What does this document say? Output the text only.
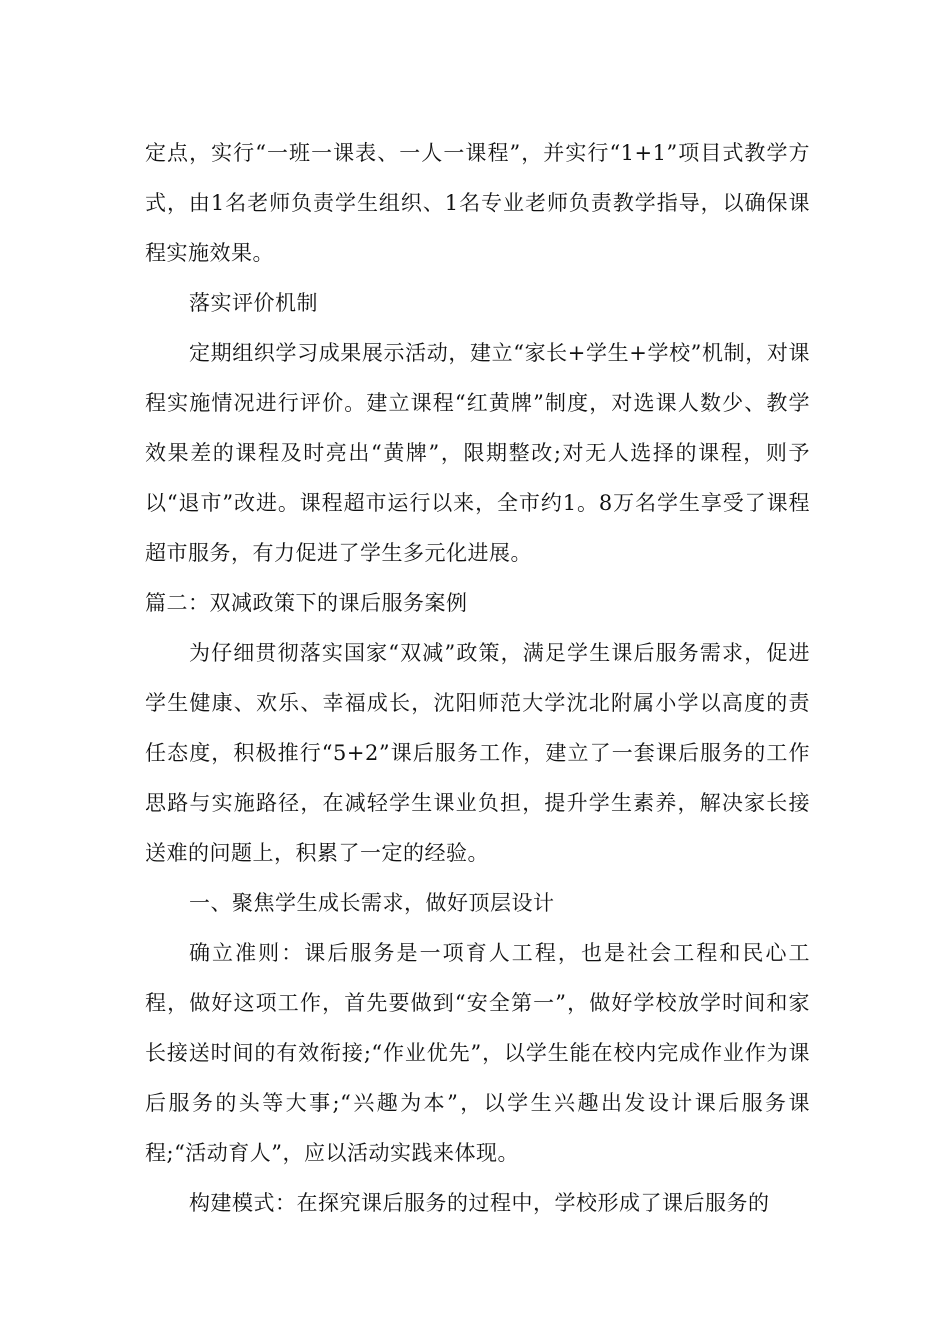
定点，实行“一班一课表、一人一课程”，并实行“1+1”项目式教学方式，由1名老师负责学生组织、1名专业老师负责教学指导，以确保课程实施效果。

落实评价机制

定期组织学习成果展示活动，建立“家长+学生+学校”机制，对课程实施情况进行评价。建立课程“红黄牌”制度，对选课人数少、教学效果差的课程及时亮出“黄牌”，限期整改;对无人选择的课程，则予以“退市”改进。课程超市运行以来，全市约1。8万名学生享受了课程超市服务，有力促进了学生多元化进展。

篇二：双减政策下的课后服务案例

为仔细贯彻落实国家“双减”政策，满足学生课后服务需求，促进学生健康、欢乐、幸福成长，沈阳师范大学沈北附属小学以高度的责任态度，积极推行“5+2”课后服务工作，建立了一套课后服务的工作思路与实施路径，在减轻学生课业负担，提升学生素养，解决家长接送难的问题上，积累了一定的经验。

一、聚焦学生成长需求，做好顶层设计

确立准则：课后服务是一项育人工程，也是社会工程和民心工程，做好这项工作，首先要做到“安全第一”，做好学校放学时间和家长接送时间的有效衔接;“作业优先”，以学生能在校内完成作业作为课后服务的头等大事;“兴趣为本”，以学生兴趣出发设计课后服务课程;“活动育人”，应以活动实践来体现。

构建模式：在探究课后服务的过程中，学校形成了课后服务的
